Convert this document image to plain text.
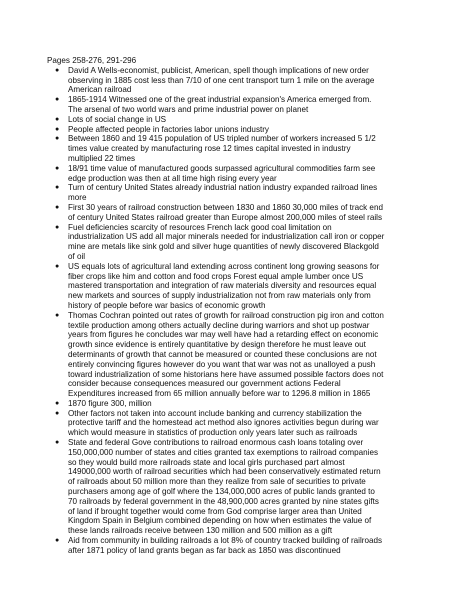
Pages 258-276, 291-296
● David A Wells-economist, publicist, American, spell though implications of new order
observing in 1885 cost less than 7/10 of one cent transport turn 1 mile on the average
American railroad
● 1865-1914 Witnessed one of the great industrial expansion's America emerged from.
The arsenal of two world wars and prime industrial power on planet
● Lots of social change in US
● People affected people in factories labor unions industry
● Between 1860 and 19 415 population of US tripled number of workers increased 5 1/2
times value created by manufacturing rose 12 times capital invested in industry
multiplied 22 times
● 18/91 time value of manufactured goods surpassed agricultural commodities farm see
edge production was then at all time high rising every year
● Turn of century United States already industrial nation industry expanded railroad lines
more
● First 30 years of railroad construction between 1830 and 1860 30,000 miles of track end
of century United States railroad greater than Europe almost 200,000 miles of steel rails
● Fuel deficiencies scarcity of resources French lack good coal limitation on
industrialization US add all major minerals needed for industrialization call iron or copper
mine are metals like sink gold and silver huge quantities of newly discovered Blackgold
of oil
● US equals lots of agricultural land extending across continent long growing seasons for
fiber crops like him and cotton and food crops Forest equal ample lumber once US
mastered transportation and integration of raw materials diversity and resources equal
new markets and sources of supply industrialization not from raw materials only from
history of people before war basics of economic growth
● Thomas Cochran pointed out rates of growth for railroad construction pig iron and cotton
textile production among others actually decline during warriors and shot up postwar
years from figures he concludes war may well have had a retarding effect on economic
growth since evidence is entirely quantitative by design therefore he must leave out
determinants of growth that cannot be measured or counted these conclusions are not
entirely convincing figures however do you want that war was not as unalloyed a push
toward industrialization of some historians here have assumed possible factors does not
consider because consequences measured our government actions Federal
Expenditures increased from 65 million annually before war to 1296.8 million in 1865
● 1870 figure 300, million
● Other factors not taken into account include banking and currency stabilization the
protective tariff and the homestead act method also ignores activities begun during war
which would measure in statistics of production only years later such as railroads
● State and federal Gove contributions to railroad enormous cash loans totaling over
150,000,000 number of states and cities granted tax exemptions to railroad companies
so they would build more railroads state and local girls purchased part almost
149000,000 worth of railroad securities which had been conservatively estimated return
of railroads about 50 million more than they realize from sale of securities to private
purchasers among age of golf where the 134,000,000 acres of public lands granted to
70 railroads by federal government in the 48,900,000 acres granted by nine states gifts
of land if brought together would come from God comprise larger area than United
Kingdom Spain in Belgium combined depending on how when estimates the value of
these lands railroads receive between 130 million and 500 million as a gift
● Aid from community in building railroads a lot 8% of country tracked building of railroads
after 1871 policy of land grants began as far back as 1850 was discontinued
